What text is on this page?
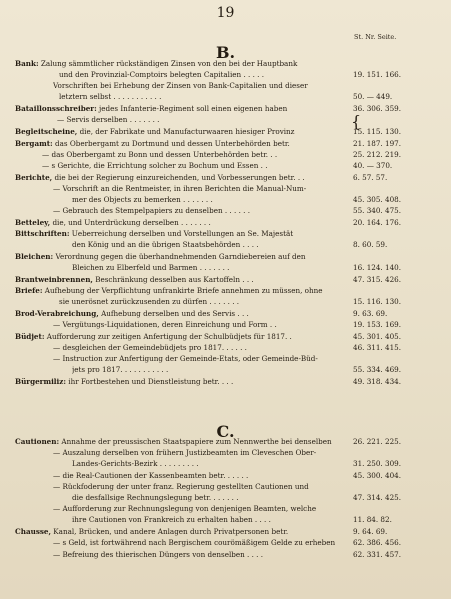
19
St. Nr. Seite.
B.
C.
{
Bank: Zalung sämmtlicher rückständigen Zinsen von den bei der Hauptbank
und den Provinzial-Comptoirs belegten Capitalien . . . . .	19. 151. 166.
Vorschriften bei Erhebung der Zinsen von Bank-Capitalien und dieser
letztern selbst . . . . . . . . . . .	50. — 449.
Bataillonsschreiber: jedes Infanterie-Regiment soll einen eigenen haben	36. 306. 359.
— Servis derselben . . . . . . .
Begleitscheine, die, der Fabrikate und Manufacturwaaren hiesiger Provinz	15. 115. 130.
Bergamt: das Oberbergamt zu Dortmund und dessen Unterbehörden betr.	21. 187. 197.
— das Oberbergamt zu Bonn und dessen Unterbehörden betr. . .	25. 212. 219.
— s Gerichte, die Errichtung solcher zu Bochum und Essen . .	40. — 370.
Berichte, die bei der Regierung einzureichenden, und Vorbesserungen betr. . .	6. 57. 57.
— Vorschrift an die Rentmeister, in ihren Berichten die Manual-Num-
mer des Objects zu bemerken . . . . . . .	45. 305. 408.
— Gebrauch des Stempelpapiers zu denselben . . . . . .	55. 340. 475.
Betteley, die, und Unterdrückung derselben . . . . . . .	20. 164. 176.
Bittschriften: Ueberreichung derselben und Vorstellungen an Se. Majestät
den König und an die übrigen Staatsbehörden . . . .	8. 60. 59.
Bleichen: Verordnung gegen die überhandnehmenden Garndiebereien auf den
Bleichen zu Elberfeld und Barmen . . . . . . .	16. 124. 140.
Brantweinbrennen, Beschränkung desselben aus Kartoffeln . . .	47. 315. 426.
Briefe: Aufhebung der Verpflichtung unfrankirte Briefe annehmen zu müssen, ohne
sie unerösnet zurückzusenden zu dürfen . . . . . . .	15. 116. 130.
Brod-Verabreichung, Aufhebung derselben und des Servis . . .	9. 63. 69.
— Vergütungs-Liquidationen, deren Einreichung und Form . .	19. 153. 169.
Büdjet: Aufforderung zur zeitigen Anfertigung der Schulbüdjets für 1817. .	45. 301. 405.
— desgleichen der Gemeindebüdjets pro 1817. . . . . .	46. 311. 415.
— Instruction zur Anfertigung der Gemeinde-Etats, oder Gemeinde-Büd-
jets pro 1817. . . . . . . . . . .	55. 334. 469.
Bürgermiliz: ihr Fortbestehen und Dienstleistung betr. . . .	49. 318. 434.
Cautionen: Annahme der preussischen Staatspapiere zum Nennwerthe bei denselben	26. 221. 225.
— Auszalung derselben von frühern Justizbeamten im Cleveschen Ober-
Landes-Gerichts-Bezirk . . . . . . . . .	31. 250. 309.
— die Real-Cautionen der Kassenbeamten betr. . . . . .	45. 300. 404.
— Rückfoderung der unter franz. Regierung gestellten Cautionen und
die desfallsige Rechnungslegung betr. . . . . . .	47. 314. 425.
— Aufforderung zur Rechnungslegung von denjenigen Beamten, welche
ihre Cautionen von Frankreich zu erhalten haben . . . .	11. 84. 82.
Chausse, Kanal, Brücken, und andere Anlagen durch Privatpersonen betr.	9. 64. 69.
— s Geld, ist fortwährend nach Bergischem courömäßigem Gelde zu erheben	62. 386. 456.
— Befreiung des thierischen Düngers von denselben . . . .	62. 331. 457.
